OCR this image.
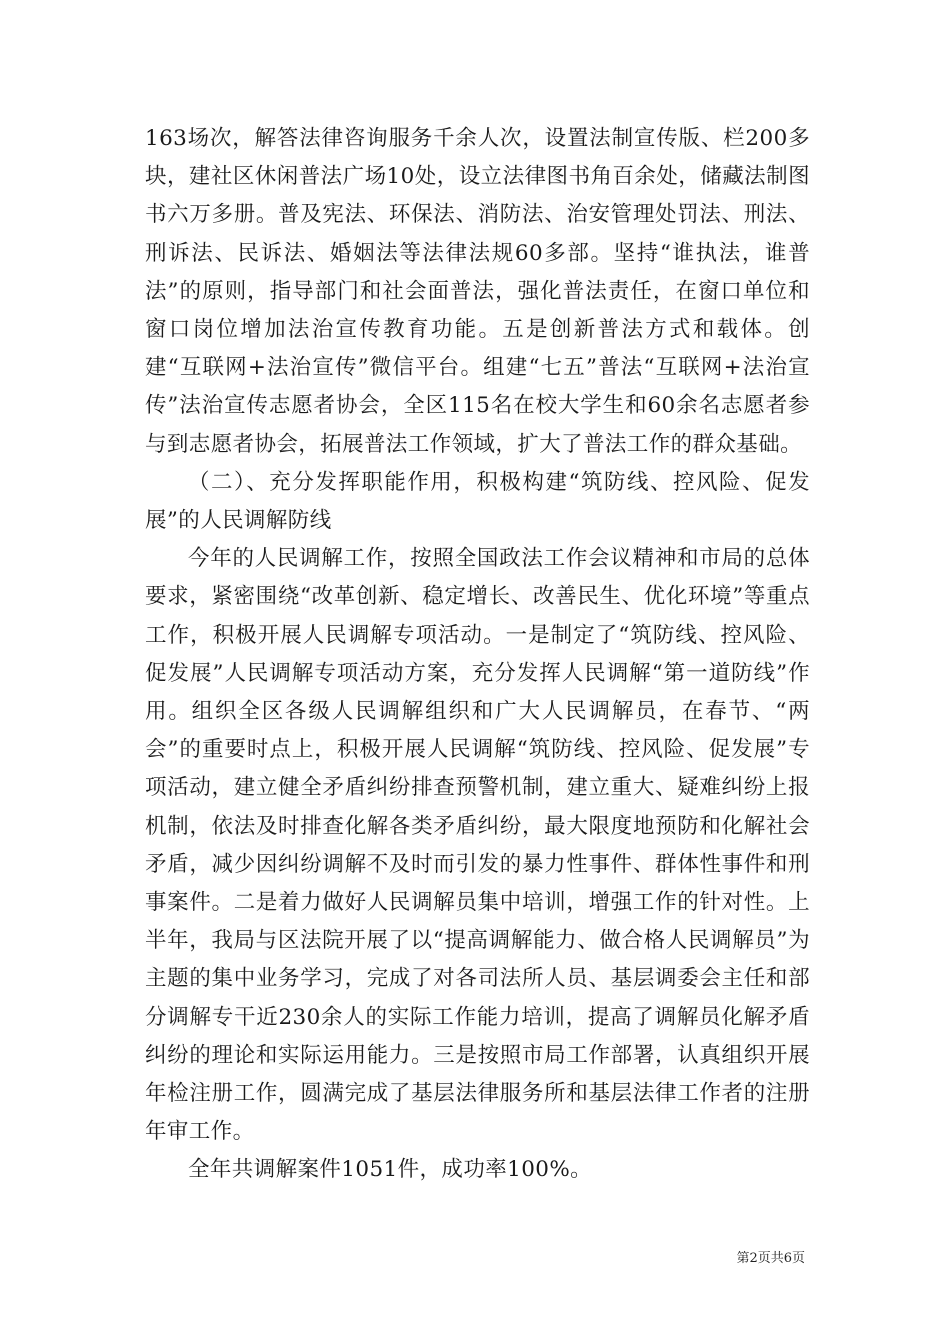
163场次，解答法律咨询服务千余人次，设置法制宣传版、栏200多块，建社区休闲普法广场10处，设立法律图书角百余处，储藏法制图书六万多册。普及宪法、环保法、消防法、治安管理处罚法、刑法、刑诉法、民诉法、婚姻法等法律法规60多部。坚持“谁执法，谁普法”的原则，指导部门和社会面普法，强化普法责任，在窗口单位和窗口岗位增加法治宣传教育功能。五是创新普法方式和载体。创建“互联网+法治宣传”微信平台。组建“七五”普法“互联网+法治宣传”法治宣传志愿者协会，全区115名在校大学生和60余名志愿者参与到志愿者协会，拓展普法工作领域，扩大了普法工作的群众基础。

（二）、充分发挥职能作用，积极构建“筑防线、控风险、促发展”的人民调解防线

今年的人民调解工作，按照全国政法工作会议精神和市局的总体要求，紧密围绕“改革创新、稳定增长、改善民生、优化环境”等重点工作，积极开展人民调解专项活动。一是制定了“筑防线、控风险、促发展”人民调解专项活动方案，充分发挥人民调解“第一道防线”作用。组织全区各级人民调解组织和广大人民调解员，在春节、“两会”的重要时点上，积极开展人民调解“筑防线、控风险、促发展”专项活动，建立健全矛盾纠纷排查预警机制，建立重大、疑难纠纷上报机制，依法及时排查化解各类矛盾纠纷，最大限度地预防和化解社会矛盾，减少因纠纷调解不及时而引发的暴力性事件、群体性事件和刑事案件。二是着力做好人民调解员集中培训，增强工作的针对性。上半年，我局与区法院开展了以“提高调解能力、做合格人民调解员”为主题的集中业务学习，完成了对各司法所人员、基层调委会主任和部分调解专干近230余人的实际工作能力培训，提高了调解员化解矛盾纠纷的理论和实际运用能力。三是按照市局工作部署，认真组织开展年检注册工作，圆满完成了基层法律服务所和基层法律工作者的注册年审工作。

全年共调解案件1051件，成功率100%。

第2页共6页
